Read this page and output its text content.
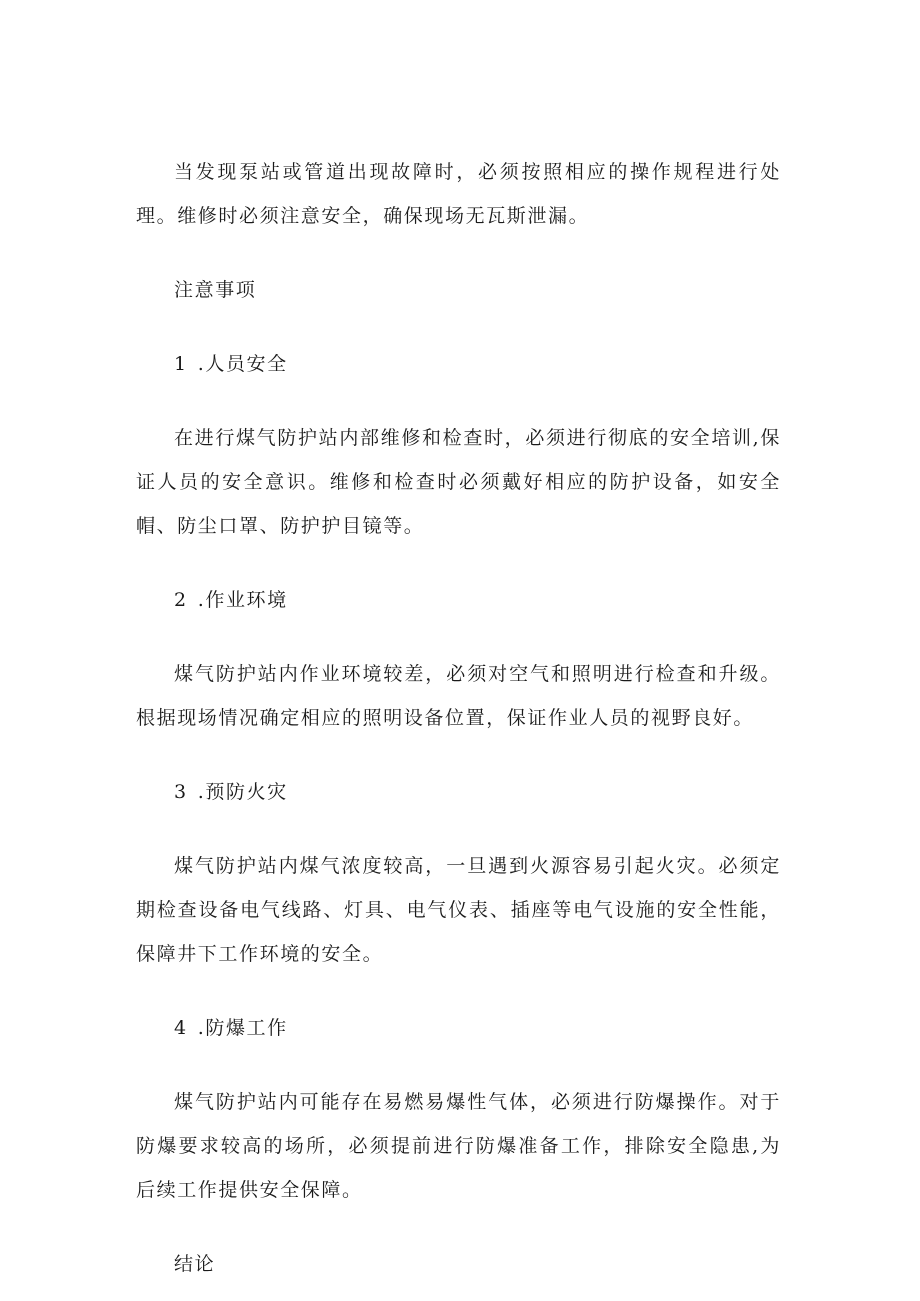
当发现泵站或管道出现故障时，必须按照相应的操作规程进行处理。维修时必须注意安全，确保现场无瓦斯泄漏。

注意事项

1 .人员安全

在进行煤气防护站内部维修和检查时，必须进行彻底的安全培训,保证人员的安全意识。维修和检查时必须戴好相应的防护设备，如安全帽、防尘口罩、防护护目镜等。

2 .作业环境

煤气防护站内作业环境较差，必须对空气和照明进行检查和升级。根据现场情况确定相应的照明设备位置，保证作业人员的视野良好。

3 .预防火灾

煤气防护站内煤气浓度较高，一旦遇到火源容易引起火灾。必须定期检查设备电气线路、灯具、电气仪表、插座等电气设施的安全性能，保障井下工作环境的安全。

4 .防爆工作

煤气防护站内可能存在易燃易爆性气体，必须进行防爆操作。对于防爆要求较高的场所，必须提前进行防爆准备工作，排除安全隐患,为后续工作提供安全保障。

结论
